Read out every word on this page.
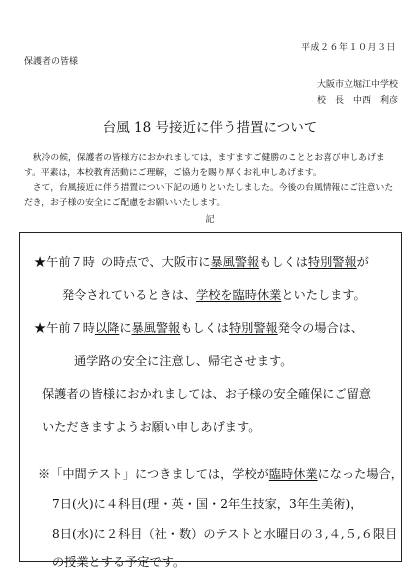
平成２６年１０月３日
保護者の皆様
大阪市立堀江中学校
校　長　中西　利彦
台風 18 号接近に伴う措置について

秋冷の候，保護者の皆様方におかれましては，ますますご健勝のこととお喜び申しあげます。平素は，本校教育活動にご理解，ご協力を賜り厚くお礼申しあげます。

さて，台風接近に伴う措置につい下記の通りといたしました。今後の台風情報にご注意いただき，お子様の安全にご配慮をお願いいたします。

記
★午前７時 の時点で、大阪市に暴風警報もしくは特別警報が
発令されているときは、学校を臨時休業といたします。
★午前７時以降に暴風警報もしくは特別警報発令の場合は、
通学路の安全に注意し、帰宅させます。
保護者の皆様におかれましては、お子様の安全確保にご留意
いただきますようお願い申しあげます。
※「中間テスト」につきましては，学校が臨時休業になった場合，
7日(火)に４科目(理・英・国・2年生技家，3年生美術)，
8日(水)に２科目（社・数）のテストと水曜日の３,４,５,６限目
の授業とする予定です。
